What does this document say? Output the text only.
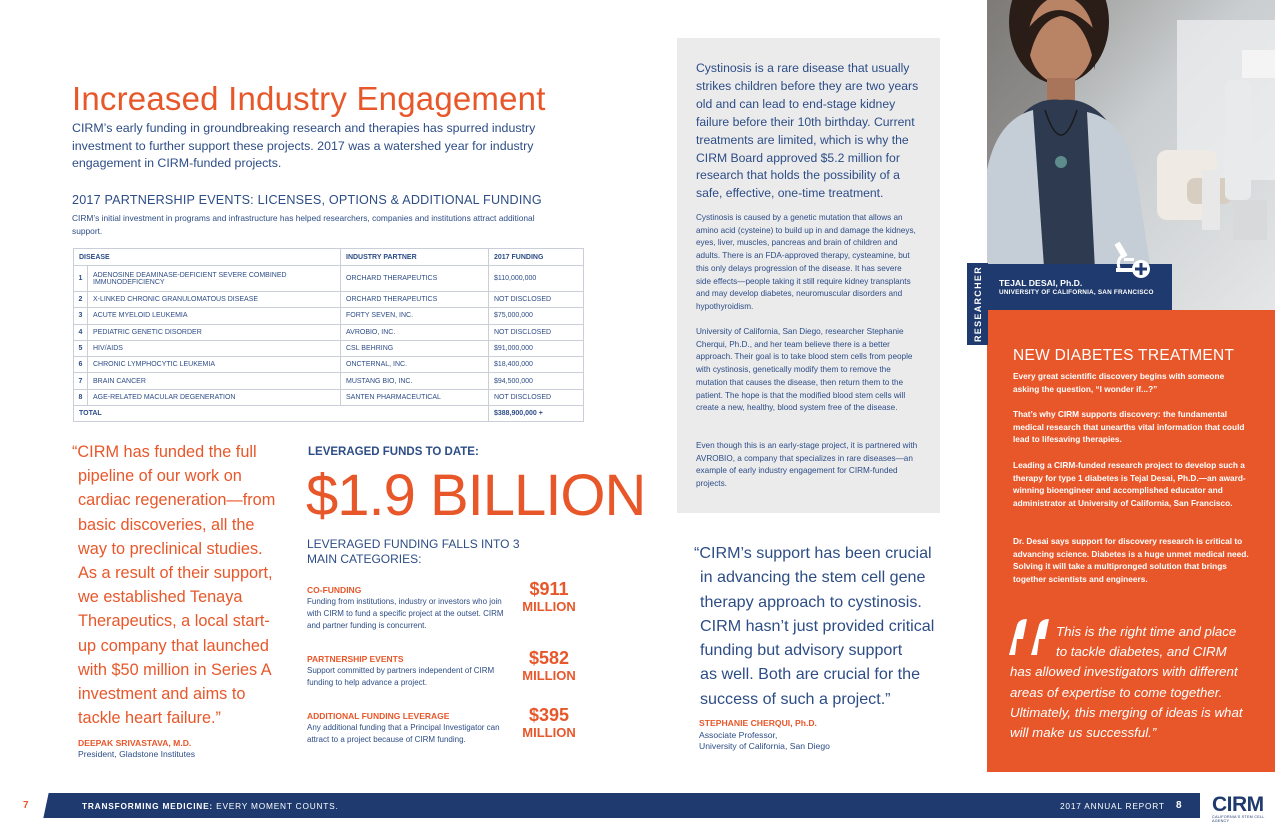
Increased Industry Engagement
CIRM’s early funding in groundbreaking research and therapies has spurred industry investment to further support these projects. 2017 was a watershed year for industry engagement in CIRM-funded projects.
2017 PARTNERSHIP EVENTS: LICENSES, OPTIONS & ADDITIONAL FUNDING
CIRM’s initial investment in programs and infrastructure has helped researchers, companies and institutions attract additional support.
DISEASE		INDUSTRY PARTNER	2017 FUNDING
1	ADENOSINE DEAMINASE-DEFICIENT SEVERE COMBINED IMMUNODEFICIENCY	ORCHARD THERAPEUTICS	$110,000,000
2	X-LINKED CHRONIC GRANULOMATOUS DISEASE	ORCHARD THERAPEUTICS	NOT DISCLOSED
3	ACUTE MYELOID LEUKEMIA	FORTY SEVEN, INC.	$75,000,000
4	PEDIATRIC GENETIC DISORDER	AVROBIO, INC.	NOT DISCLOSED
5	HIV/AIDS	CSL BEHRING	$91,000,000
6	CHRONIC LYMPHOCYTIC LEUKEMIA	ONCTERNAL, INC.	$18,400,000
7	BRAIN CANCER	MUSTANG BIO, INC.	$94,500,000
8	AGE-RELATED MACULAR DEGENERATION	SANTEN PHARMACEUTICAL	NOT DISCLOSED
TOTAL			$388,900,000 +
“CIRM has funded the full
pipeline of our work on
cardiac regeneration—from
basic discoveries, all the
way to preclinical studies.
As a result of their support,
we established Tenaya
Therapeutics, a local start-
up company that launched
with $50 million in Series A
investment and aims to
tackle heart failure.”
DEEPAK SRIVASTAVA, M.D.
President, Gladstone Institutes
LEVERAGED FUNDS TO DATE:
$1.9 BILLION
LEVERAGED FUNDING FALLS INTO 3 MAIN CATEGORIES:
CO-FUNDING
Funding from institutions, industry or investors who join with CIRM to fund a specific project at the outset. CIRM and partner funding is concurrent.
$911
MILLION
PARTNERSHIP EVENTS
Support committed by partners independent of CIRM funding to help advance a project.
$582
MILLION
ADDITIONAL FUNDING LEVERAGE
Any additional funding that a Principal Investigator can attract to a project because of CIRM funding.
$395
MILLION
Cystinosis is a rare disease that usually strikes children before they are two years old and can lead to end-stage kidney failure before their 10th birthday. Current treatments are limited, which is why the CIRM Board approved $5.2 million for research that holds the possibility of a safe, effective, one-time treatment.
Cystinosis is caused by a genetic mutation that allows an amino acid (cysteine) to build up in and damage the kidneys, eyes, liver, muscles, pancreas and brain of children and adults. There is an FDA-approved therapy, cysteamine, but this only delays progression of the disease. It has severe side effects—people taking it still require kidney transplants and may develop diabetes, neuromuscular disorders and hypothyroidism.
University of California, San Diego, researcher Stephanie Cherqui, Ph.D., and her team believe there is a better approach. Their goal is to take blood stem cells from people with cystinosis, genetically modify them to remove the mutation that causes the disease, then return them to the patient. The hope is that the modified blood stem cells will create a new, healthy, blood system free of the disease.
Even though this is an early-stage project, it is partnered with AVROBIO, a company that specializes in rare diseases—an example of early industry engagement for CIRM-funded projects.
“CIRM’s support has been crucial
in advancing the stem cell gene
therapy approach to cystinosis.
CIRM hasn’t just provided critical
funding but advisory support
as well. Both are crucial for the
success of such a project.”
STEPHANIE CHERQUI, Ph.D.
Associate Professor,
University of California, San Diego
RESEARCHER TEJAL DESAI, Ph.D.
UNIVERSITY OF CALIFORNIA, SAN FRANCISCO
NEW DIABETES TREATMENT
Every great scientific discovery begins with someone asking the question, “I wonder if...?”
That’s why CIRM supports discovery: the fundamental medical research that unearths vital information that could lead to lifesaving therapies.
Leading a CIRM-funded research project to develop such a therapy for type 1 diabetes is Tejal Desai, Ph.D.—an award-winning bioengineer and accomplished educator and administrator at University of California, San Francisco.
Dr. Desai says support for discovery research is critical to advancing science. Diabetes is a huge unmet medical need. Solving it will take a multipronged solution that brings together scientists and engineers.
This is the right time and place
to tackle diabetes, and CIRM
has allowed investigators with different
areas of expertise to come together.
Ultimately, this merging of ideas is what
will make us successful.”
7	TRANSFORMING MEDICINE: EVERY MOMENT COUNTS.	2017 ANNUAL REPORT 8 CIRM
CALIFORNIA'S STEM CELL AGENCY
